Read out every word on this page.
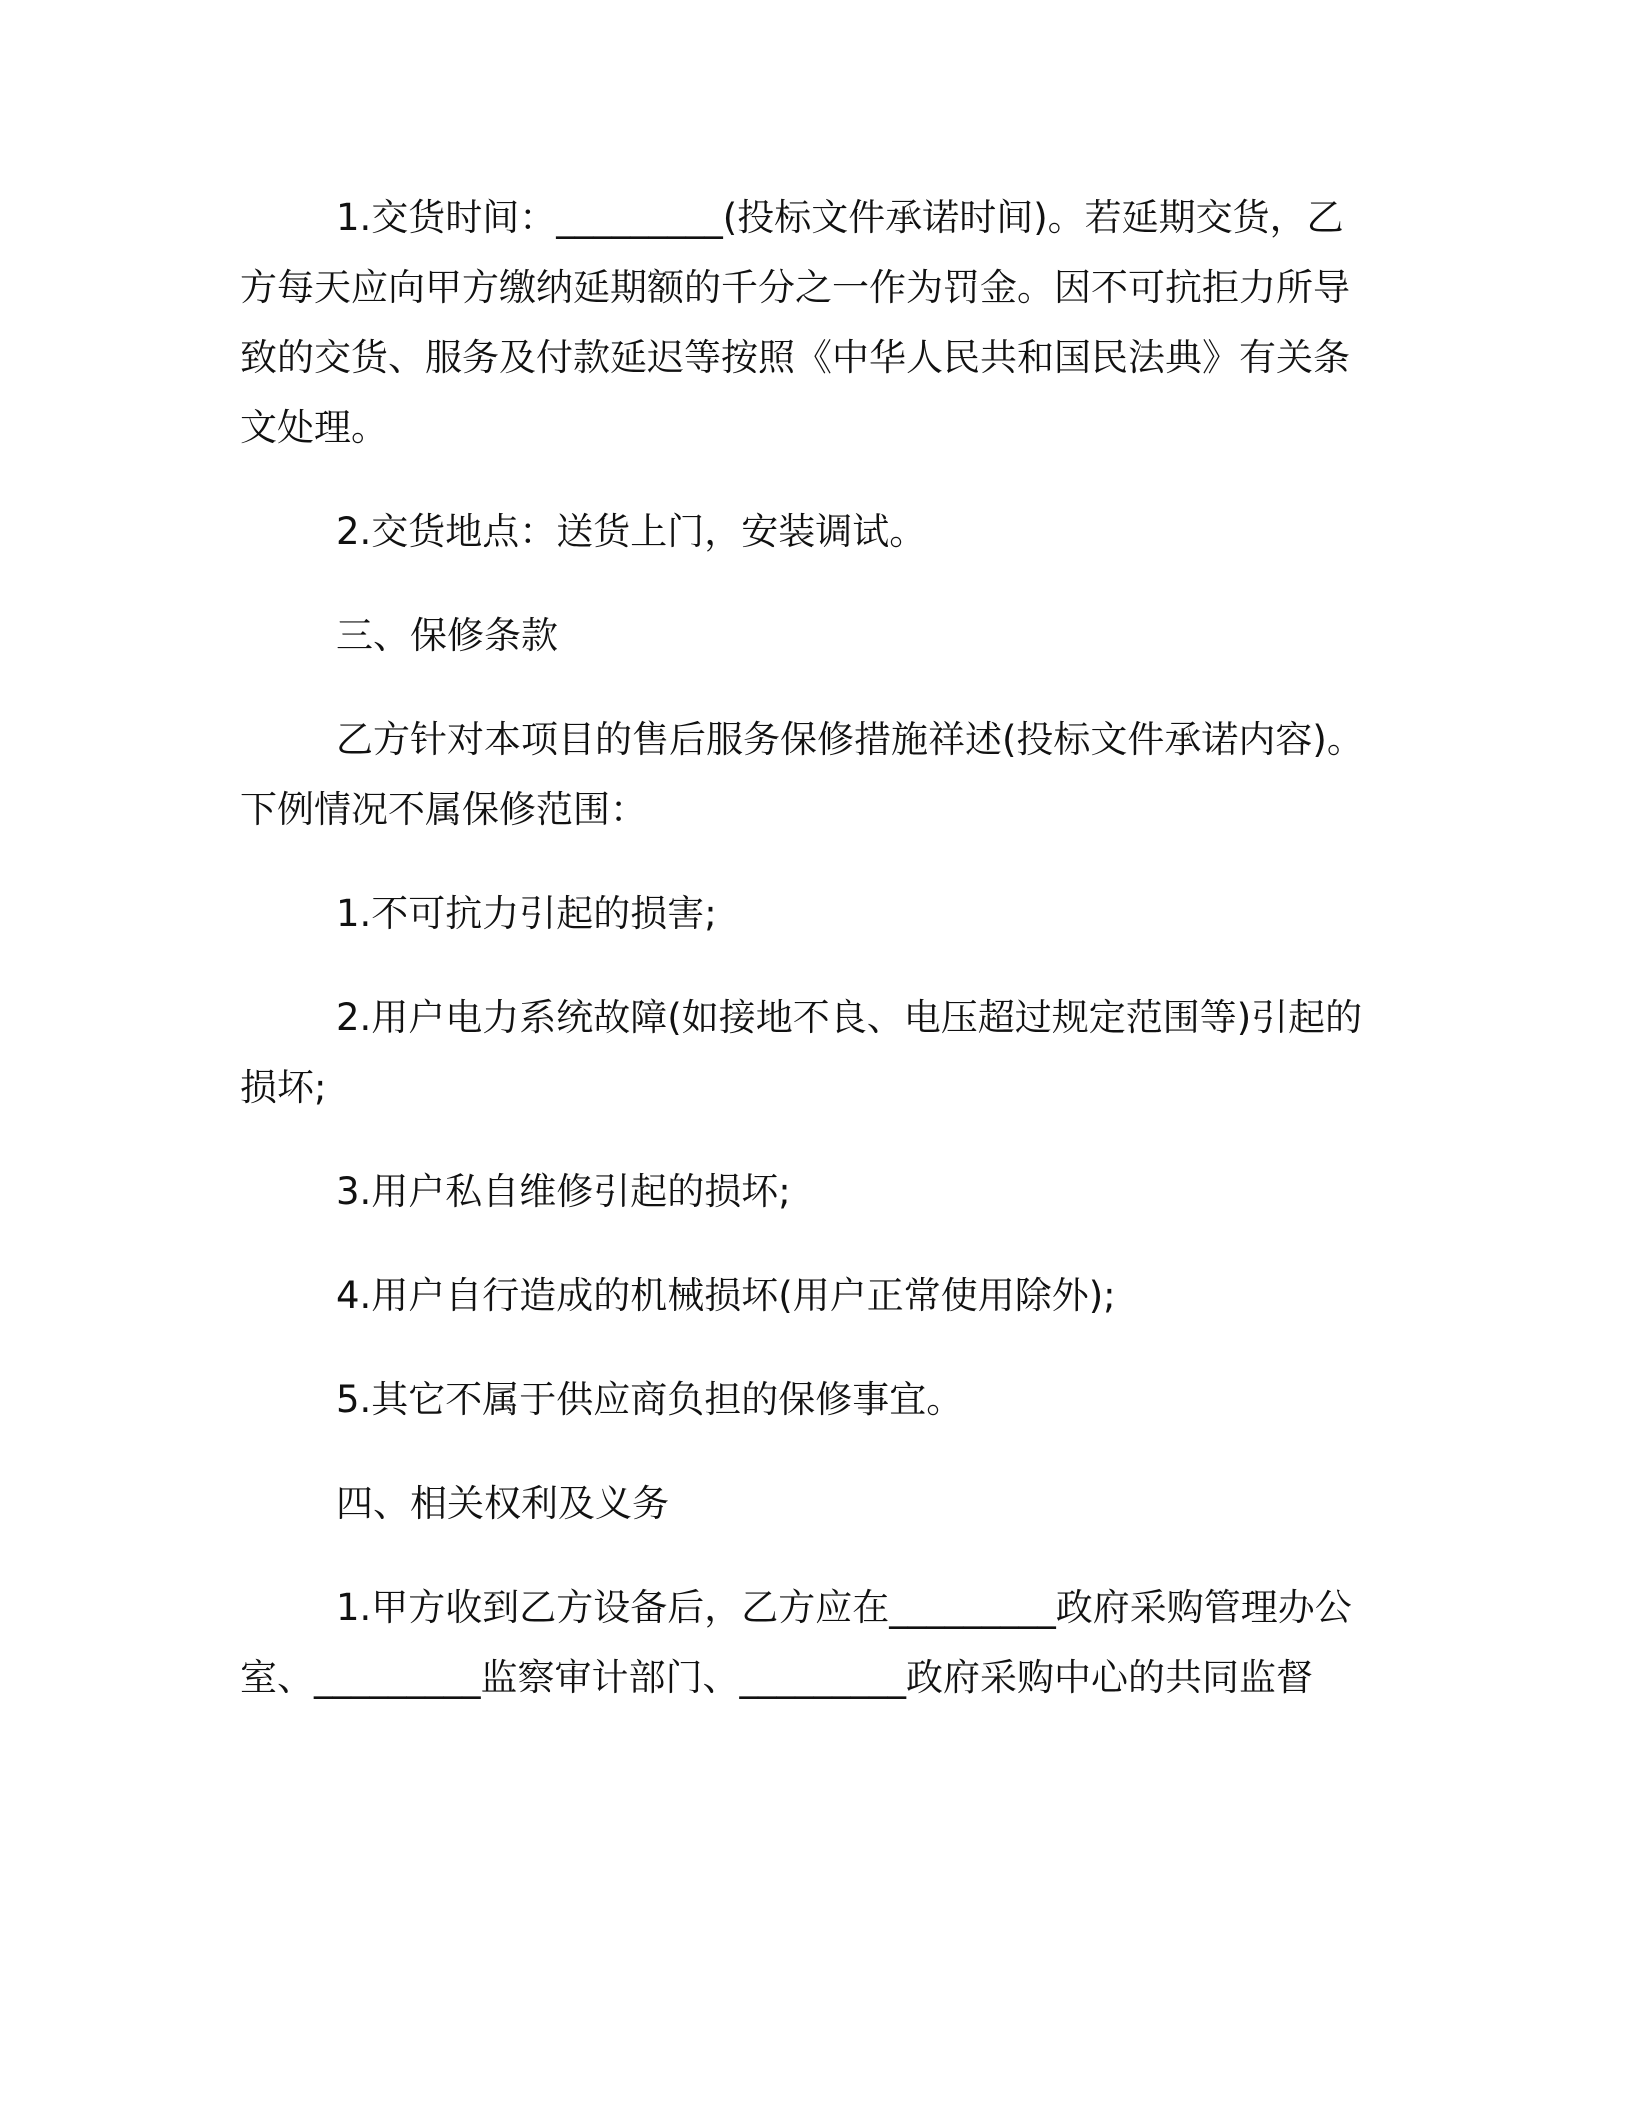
1.交货时间：_________(投标文件承诺时间)。若延期交货，乙方每天应向甲方缴纳延期额的千分之一作为罚金。因不可抗拒力所导致的交货、服务及付款延迟等按照《中华人民共和国民法典》有关条文处理。

2.交货地点：送货上门，安装调试。

三、保修条款

乙方针对本项目的售后服务保修措施祥述(投标文件承诺内容)。下例情况不属保修范围：

1.不可抗力引起的损害;

2.用户电力系统故障(如接地不良、电压超过规定范围等)引起的损坏;

3.用户私自维修引起的损坏;

4.用户自行造成的机械损坏(用户正常使用除外);

5.其它不属于供应商负担的保修事宜。

四、相关权利及义务

1.甲方收到乙方设备后，乙方应在_________政府采购管理办公室、_________监察审计部门、_________政府采购中心的共同监督
